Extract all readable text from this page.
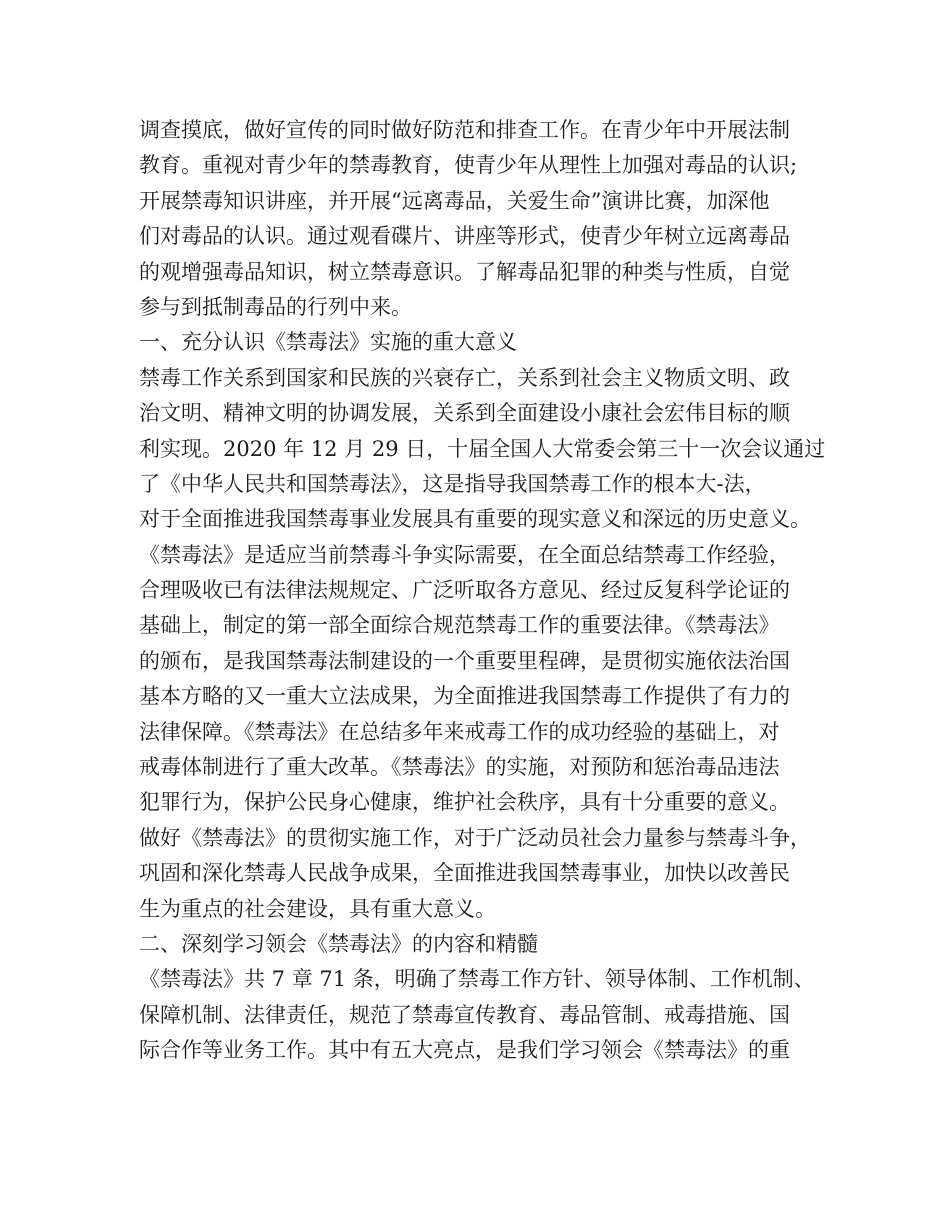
调查摸底，做好宣传的同时做好防范和排查工作。在青少年中开展法制
教育。重视对青少年的禁毒教育，使青少年从理性上加强对毒品的认识;
开展禁毒知识讲座，并开展“远离毒品，关爱生命”演讲比赛，加深他
们对毒品的认识。通过观看碟片、讲座等形式，使青少年树立远离毒品
的观增强毒品知识，树立禁毒意识。了解毒品犯罪的种类与性质，自觉
参与到抵制毒品的行列中来。
一、充分认识《禁毒法》实施的重大意义
禁毒工作关系到国家和民族的兴衰存亡，关系到社会主义物质文明、政
治文明、精神文明的协调发展，关系到全面建设小康社会宏伟目标的顺
利实现。2020 年 12 月 29 日，十届全国人大常委会第三十一次会议通过
了《中华人民共和国禁毒法》，这是指导我国禁毒工作的根本大-法，
对于全面推进我国禁毒事业发展具有重要的现实意义和深远的历史意义。
《禁毒法》是适应当前禁毒斗争实际需要，在全面总结禁毒工作经验，
合理吸收已有法律法规规定、广泛听取各方意见、经过反复科学论证的
基础上，制定的第一部全面综合规范禁毒工作的重要法律。《禁毒法》
的颁布，是我国禁毒法制建设的一个重要里程碑，是贯彻实施依法治国
基本方略的又一重大立法成果，为全面推进我国禁毒工作提供了有力的
法律保障。《禁毒法》在总结多年来戒毒工作的成功经验的基础上，对
戒毒体制进行了重大改革。《禁毒法》的实施，对预防和惩治毒品违法
犯罪行为，保护公民身心健康，维护社会秩序，具有十分重要的意义。
做好《禁毒法》的贯彻实施工作，对于广泛动员社会力量参与禁毒斗争，
巩固和深化禁毒人民战争成果，全面推进我国禁毒事业，加快以改善民
生为重点的社会建设，具有重大意义。
二、深刻学习领会《禁毒法》的内容和精髓
《禁毒法》共 7 章 71 条，明确了禁毒工作方针、领导体制、工作机制、
保障机制、法律责任，规范了禁毒宣传教育、毒品管制、戒毒措施、国
际合作等业务工作。其中有五大亮点，是我们学习领会《禁毒法》的重
